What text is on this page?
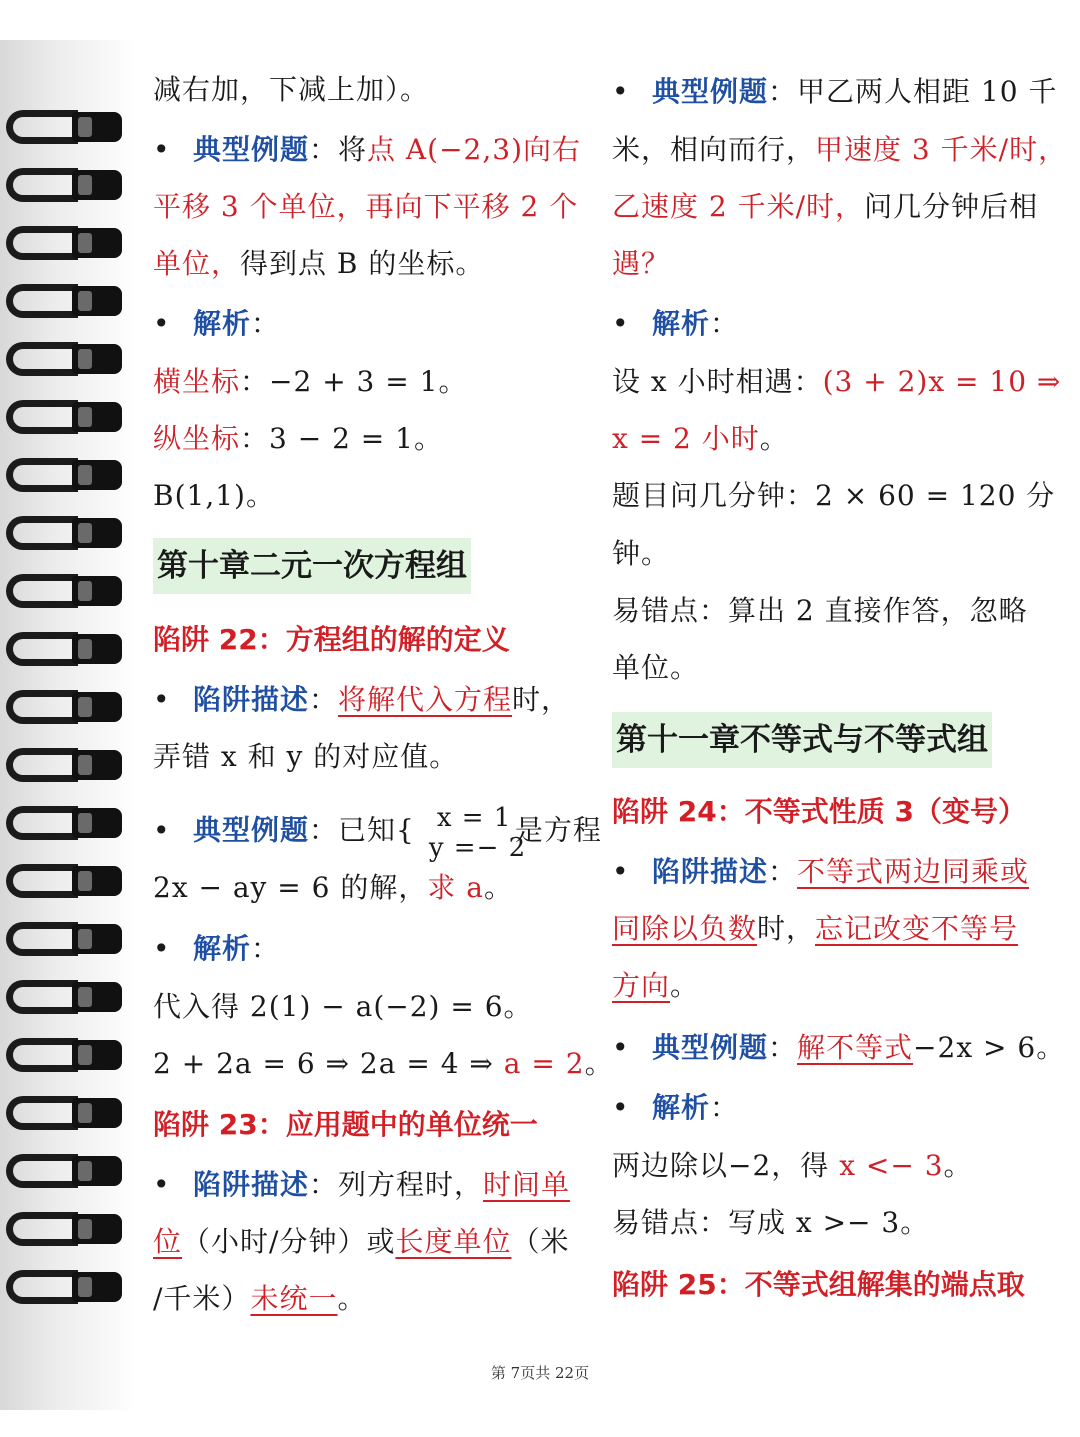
减右加，下减上加）。
• 典型例题：将点 A(−2,3)向右
平移 3 个单位，再向下平移 2 个
单位，得到点 B 的坐标。
• 解析：
横坐标：−2 + 3 = 1。
纵坐标：3 − 2 = 1。
B(1,1)。
第十章二元一次方程组
陷阱 22：方程组的解的定义
• 陷阱描述：将解代入方程时，
弄错 x 和 y 的对应值。
• 典型例题：已知{ x = 1
y =− 2
是方程
2x − ay = 6 的解，求 a。
• 解析：
代入得 2(1) − a(−2) = 6。
2 + 2a = 6 ⇒ 2a = 4 ⇒ a = 2。
陷阱 23：应用题中的单位统一
• 陷阱描述：列方程时，时间单
位（小时/分钟）或长度单位（米
/千米）未统一。
• 典型例题：甲乙两人相距 10 千
米，相向而行，甲速度 3 千米/时，
乙速度 2 千米/时，问几分钟后相
遇？
• 解析：
设 x 小时相遇：(3 + 2)x = 10 ⇒
x = 2 小时。
题目问几分钟：2 × 60 = 120 分
钟。
易错点：算出 2 直接作答，忽略
单位。
第十一章不等式与不等式组
陷阱 24：不等式性质 3（变号）
• 陷阱描述：不等式两边同乘或
同除以负数时，忘记改变不等号
方向。
• 典型例题：解不等式−2x > 6。
• 解析：
两边除以−2，得 x <− 3。
易错点：写成 x >− 3。
陷阱 25：不等式组解集的端点取
第 7页共 22页
